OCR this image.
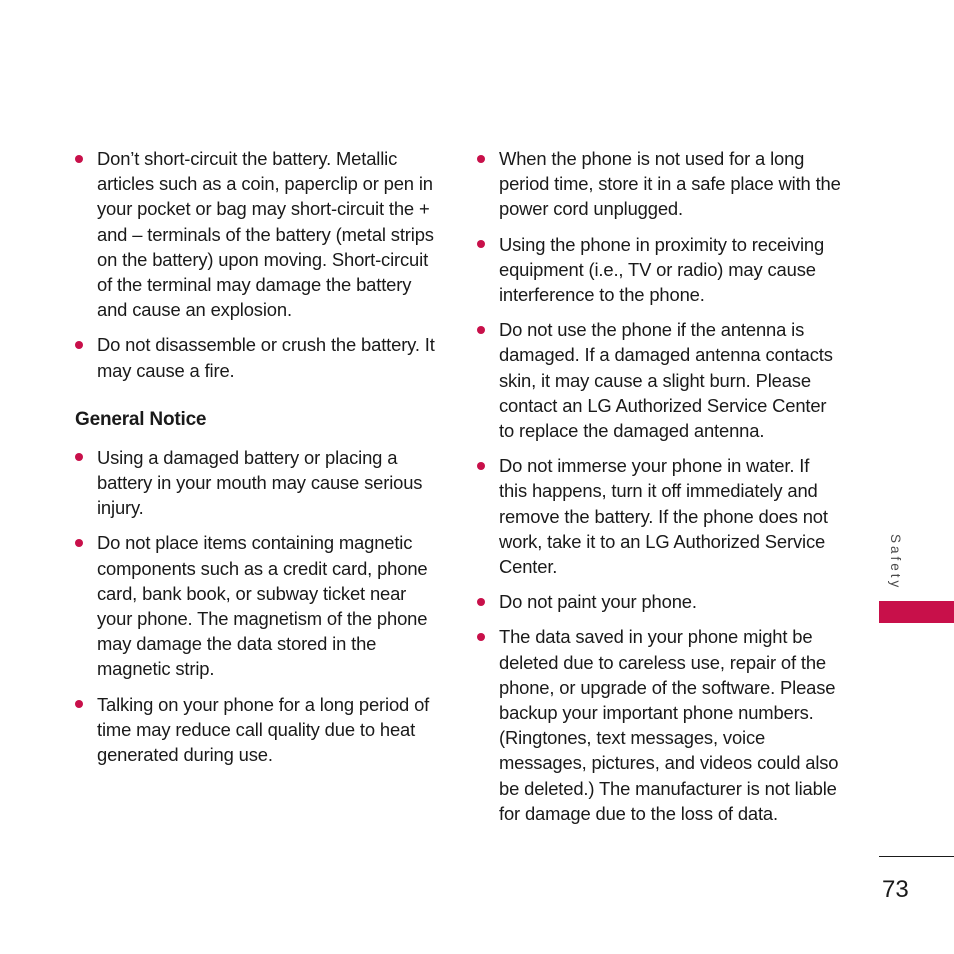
Don’t short-circuit the battery. Metallic articles such as a coin, paperclip or pen in your pocket or bag may short-circuit the + and – terminals of the battery (metal strips on the battery) upon moving. Short-circuit of the terminal may damage the battery and cause an explosion.
Do not disassemble or crush the battery. It may cause a fire.
General Notice
Using a damaged battery or placing a battery in your mouth may cause serious injury.
Do not place items containing magnetic components such as a credit card, phone card, bank book, or subway ticket near your phone. The magnetism of the phone may damage the data stored in the magnetic strip.
Talking on your phone for a long period of time may reduce call quality due to heat generated during use.
When the phone is not used for a long period time, store it in a safe place with the power cord unplugged.
Using the phone in proximity to receiving equipment (i.e., TV or radio) may cause interference to the phone.
Do not use the phone if the antenna is damaged. If a damaged antenna contacts skin, it may cause a slight burn. Please contact an LG Authorized Service Center to replace the damaged antenna.
Do not immerse your phone in water. If this happens, turn it off immediately and remove the battery. If the phone does not work, take it to an LG Authorized Service Center.
Do not paint your phone.
The data saved in your phone might be deleted due to careless use, repair of the phone, or upgrade of the software. Please backup your important phone numbers. (Ringtones, text messages, voice messages, pictures, and videos could also be deleted.) The manufacturer is not liable for damage due to the loss of data.
Safety
73
